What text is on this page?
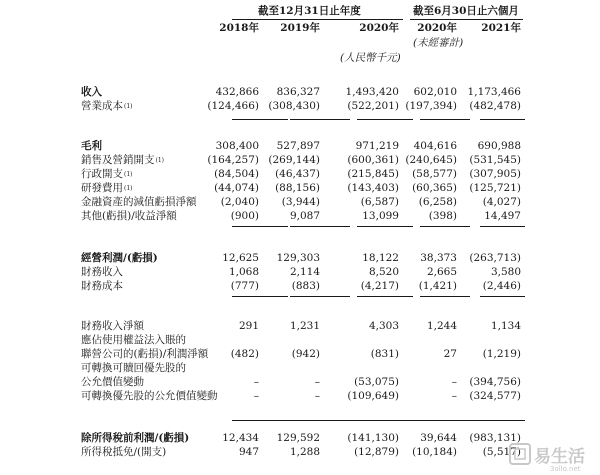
截至12月31日止年度	截至6月30日止六個月
2018年 2019年	2020年 2020年 2021年
(未經審計)
(人民幣千元)
收入	432,866 836,327 1,493,420 602,010 1,173,466
營業成本$^{(1)}$	(124,466) (308,430)	(522,201) (197,394) (482,478)
毛利	308,400 527,897	971,219 404,616 690,988
銷售及營銷開支$^{(1)}$	(164,257) (269,144)	(600,361) (240,645) (531,545)
行政開支$^{(1)}$	(84,504) (46,437)	(215,845) (58,577) (307,905)
研發費用$^{(1)}$	(44,074) (88,156)	(143,403) (60,365) (125,721)
金融資產的減值虧損淨額 (2,040) (3,944)	(6,587) (6,258) (4,027)
其他(虧損)/收益淨額	(900)	9,087	13,099	(398)	14,497
經營利潤/(虧損)	12,625 129,303	18,122 38,373 (263,713)
財務收入	1,068	2,114	8,520	2,665	3,580
財務成本	(777)	(883)	(4,217) (1,421) (2,446)
財務收入淨額	291	1,231	4,303	1,244	1,134
應佔使用權益法入賬的
聯營公司的(虧損)/利潤淨額 (482)	(942)	(831)	27 (1,219)
可轉換可贖回優先股的
公允價值變動	–	–	(53,075)	– (394,756)
可轉換優先股的公允價值變動	–	–	(109,649)	– (324,577)
除所得稅前利潤/(虧損)	12,434 129,592	(141,130) 39,644 (983,131)
所得稅抵免/(開支)	947	1,288	(12,879) (10,184) (5,517) 易生活
3ollo.net
